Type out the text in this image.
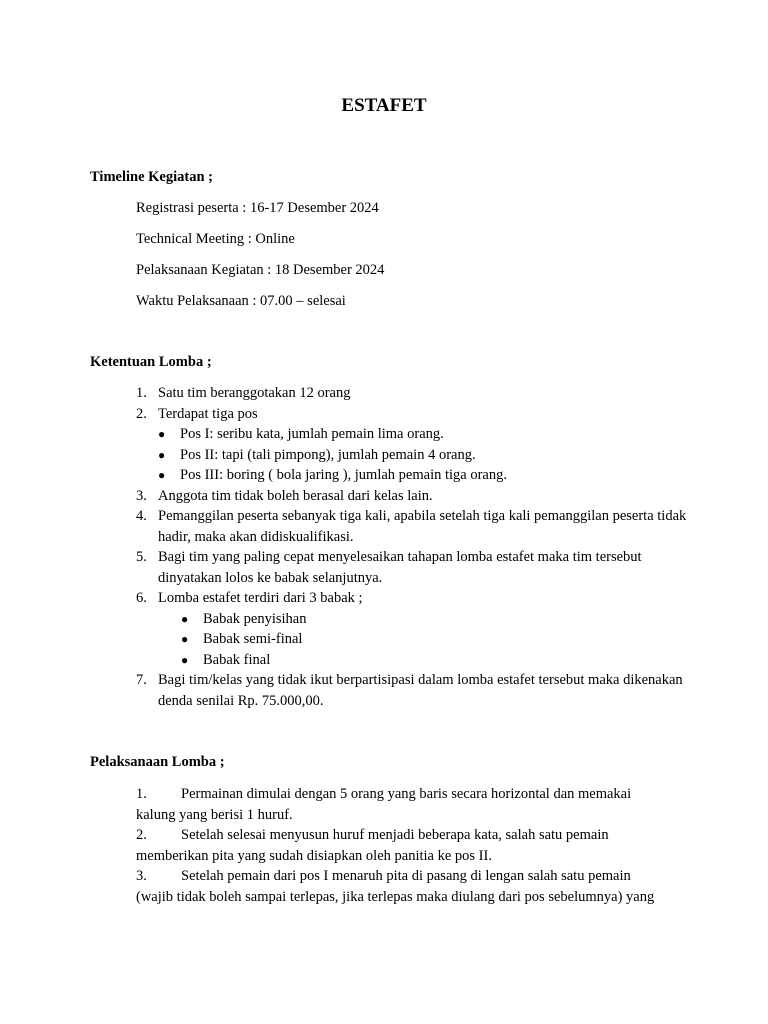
ESTAFET
Timeline Kegiatan ;
Registrasi peserta : 16-17 Desember 2024
Technical Meeting : Online
Pelaksanaan Kegiatan : 18 Desember 2024
Waktu Pelaksanaan : 07.00 – selesai
Ketentuan Lomba ;
1. Satu tim beranggotakan 12 orang
2. Terdapat tiga pos
●	Pos I: seribu kata, jumlah pemain lima orang.
●	Pos II: tapi (tali pimpong), jumlah pemain 4 orang.
●	Pos III: boring ( bola jaring ), jumlah pemain tiga orang.
3. Anggota tim tidak boleh berasal dari kelas lain.
4. Pemanggilan peserta sebanyak tiga kali, apabila setelah tiga kali pemanggilan peserta tidak hadir, maka akan didiskualifikasi.
5. Bagi tim yang paling cepat menyelesaikan tahapan lomba estafet maka tim tersebut dinyatakan lolos ke babak selanjutnya.
6. Lomba estafet terdiri dari 3 babak ;
●	Babak penyisihan
●	Babak semi-final
●	Babak final
7. Bagi tim/kelas yang tidak ikut berpartisipasi dalam lomba estafet tersebut maka dikenakan denda senilai Rp. 75.000,00.
Pelaksanaan Lomba ;
1. Permainan dimulai dengan 5 orang yang baris secara horizontal dan memakai
kalung yang berisi 1 huruf.
2. Setelah selesai menyusun huruf menjadi beberapa kata, salah satu pemain
memberikan pita yang sudah disiapkan oleh panitia ke pos II.
3. Setelah pemain dari pos I menaruh pita di pasang di lengan salah satu pemain
(wajib tidak boleh sampai terlepas, jika terlepas maka diulang dari pos sebelumnya) yang
